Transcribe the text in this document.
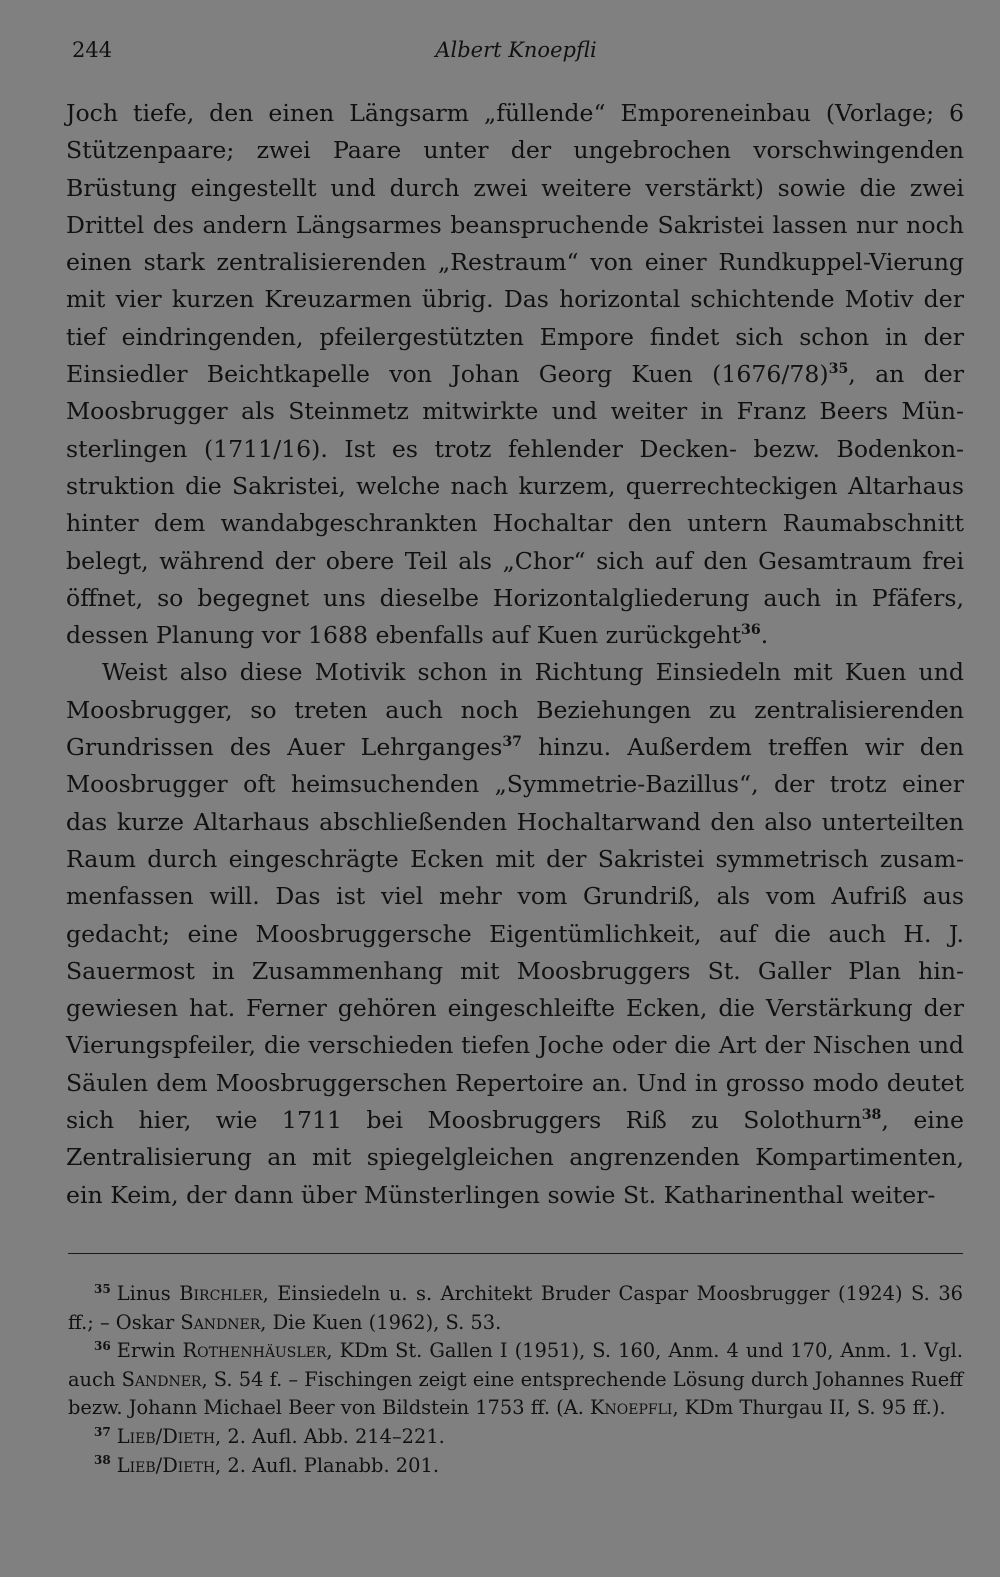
244	Albert Knoepfli

Joch tiefe, den einen Längsarm „füllende“ Emporeneinbau (Vorlage; 6 Stützenpaare; zwei Paare unter der ungebrochen vorschwingenden Brüstung eingestellt und durch zwei weitere verstärkt) sowie die zwei Drittel des andern Längsarmes beanspruchende Sakristei lassen nur noch einen stark zentralisierenden „Restraum“ von einer Rundkuppel-Vierung mit vier kurzen Kreuzarmen übrig. Das horizontal schichtende Motiv der tief eindringenden, pfeilergestützten Empore findet sich schon in der Einsiedler Beichtkapelle von Johan Georg Kuen $(1676/78)^{35}$, an der Moosbrugger als Steinmetz mitwirkte und weiter in Franz Beers Münsterlingen (1711/16). Ist es trotz fehlender Decken- bezw. Bodenkonstruktion die Sakristei, welche nach kurzem, querrechteckigen Altarhaus hinter dem wandabgeschrankten Hochaltar den untern Raumabschnitt belegt, während der obere Teil als „Chor“ sich auf den Gesamtraum frei öffnet, so begegnet uns dieselbe Horizontalgliederung auch in Pfäfers, dessen Planung vor 1688 ebenfalls auf Kuen zurückgeht$^{36}$.

Weist also diese Motivik schon in Richtung Einsiedeln mit Kuen und Moosbrugger, so treten auch noch Beziehungen zu zentralisierenden Grundrissen des Auer Lehrganges$^{37}$ hinzu. Außerdem treffen wir den Moosbrugger oft heimsuchenden „Symmetrie-Bazillus“, der trotz einer das kurze Altarhaus abschließenden Hochaltarwand den also unterteilten Raum durch eingeschrägte Ecken mit der Sakristei symmetrisch zusammenfassen will. Das ist viel mehr vom Grundriß, als vom Aufriß aus gedacht; eine Moosbruggersche Eigentümlichkeit, auf die auch H. J. Sauermost in Zusammenhang mit Moosbruggers St. Galler Plan hingewiesen hat. Ferner gehören eingeschleifte Ecken, die Verstärkung der Vierungspfeiler, die verschieden tiefen Joche oder die Art der Nischen und Säulen dem Moosbruggerschen Repertoire an. Und in grosso modo deutet sich hier, wie 1711 bei Moosbruggers Riß zu Solothurn$^{38}$, eine Zentralisierung an mit spiegelgleichen angrenzenden Kompartimenten, ein Keim, der dann über Münsterlingen sowie St. Katharinenthal weiter-

$^{35}$ Linus Birchler, Einsiedeln u. s. Architekt Bruder Caspar Moosbrugger (1924) S. 36 ff.; – Oskar Sandner, Die Kuen (1962), S. 53.

$^{36}$ Erwin Rothenhäusler, KDm St. Gallen I (1951), S. 160, Anm. 4 und 170, Anm. 1. Vgl. auch Sandner, S. 54 f. – Fischingen zeigt eine entsprechende Lösung durch Johannes Rueff bezw. Johann Michael Beer von Bildstein 1753 ff. (A. Knoepfli, KDm Thurgau II, S. 95 ff.).

$^{37}$ Lieb/Dieth, 2. Aufl. Abb. 214–221.

$^{38}$ Lieb/Dieth, 2. Aufl. Planabb. 201.
